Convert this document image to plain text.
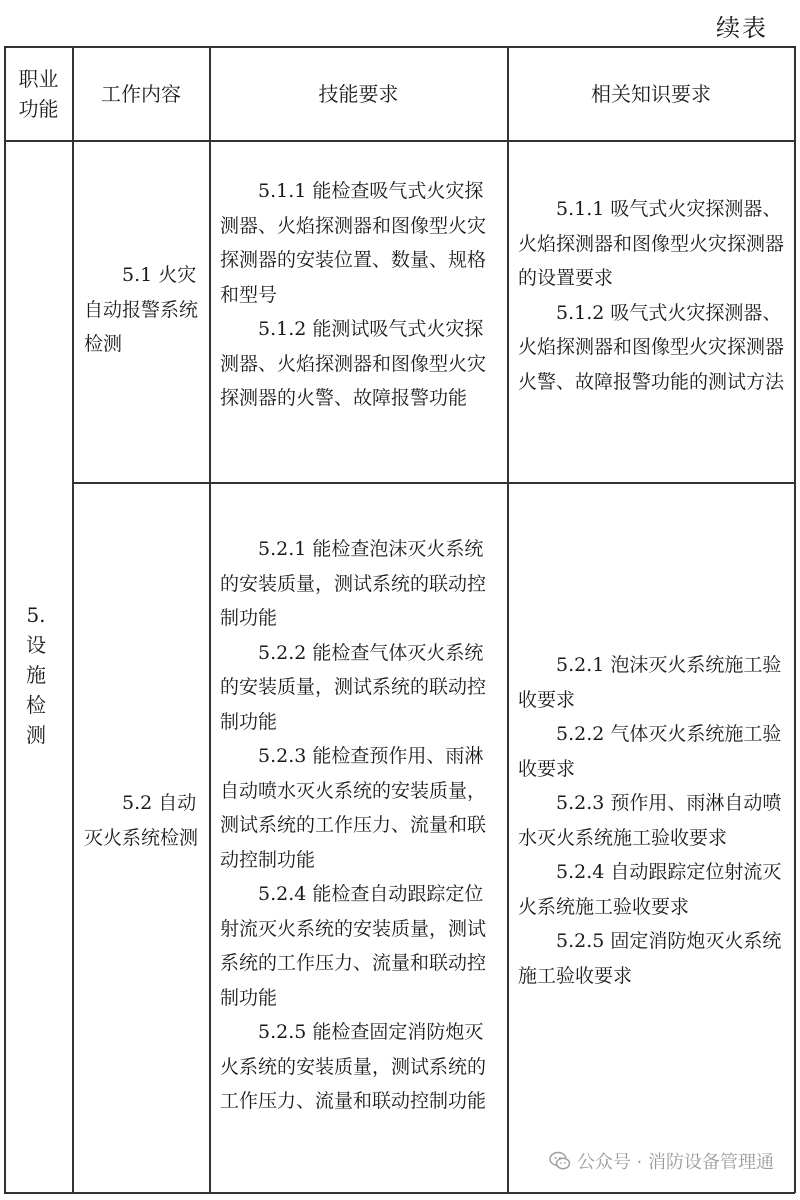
续表
职业
功能
工作内容	技能要求	相关知识要求
5.
设
施
检
测

5.1 火灾自动报警系统检测

5.1.1 能检查吸气式火灾探测器、火焰探测器和图像型火灾探测器的安装位置、数量、规格和型号

5.1.2 能测试吸气式火灾探测器、火焰探测器和图像型火灾探测器的火警、故障报警功能

5.1.1 吸气式火灾探测器、火焰探测器和图像型火灾探测器的设置要求

5.1.2 吸气式火灾探测器、火焰探测器和图像型火灾探测器火警、故障报警功能的测试方法

5.2 自动灭火系统检测

5.2.1 能检查泡沫灭火系统的安装质量，测试系统的联动控制功能

5.2.2 能检查气体灭火系统的安装质量，测试系统的联动控制功能

5.2.3 能检查预作用、雨淋自动喷水灭火系统的安装质量，测试系统的工作压力、流量和联动控制功能

5.2.4 能检查自动跟踪定位射流灭火系统的安装质量，测试系统的工作压力、流量和联动控制功能

5.2.5 能检查固定消防炮灭火系统的安装质量，测试系统的工作压力、流量和联动控制功能

5.2.1 泡沫灭火系统施工验收要求

5.2.2 气体灭火系统施工验收要求

5.2.3 预作用、雨淋自动喷水灭火系统施工验收要求

5.2.4 自动跟踪定位射流灭火系统施工验收要求

5.2.5 固定消防炮灭火系统施工验收要求

公众号 · 消防设备管理通
